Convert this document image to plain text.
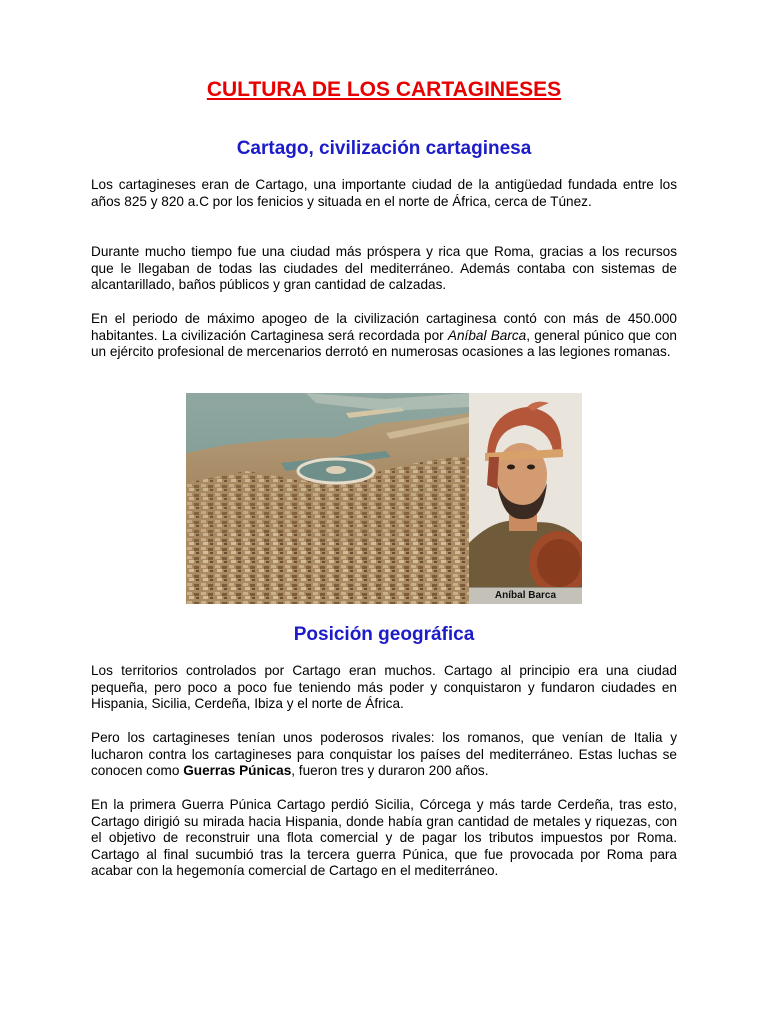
CULTURA DE LOS CARTAGINESES
Cartago, civilización cartaginesa

Los cartagineses eran de Cartago, una importante ciudad de la antigüedad fundada entre los años 825 y 820 a.C por los fenicios y situada en el norte de África, cerca de Túnez.

Durante mucho tiempo fue una ciudad más próspera y rica que Roma, gracias a los recursos que le llegaban de todas las ciudades del mediterráneo. Además contaba con sistemas de alcantarillado, baños públicos y gran cantidad de calzadas.

En el periodo de máximo apogeo de la civilización cartaginesa contó con más de 450.000 habitantes. La civilización Cartaginesa será recordada por Aníbal Barca, general púnico que con un ejército profesional de mercenarios derrotó en numerosas ocasiones a las legiones romanas.

Aníbal Barca
Posición geográfica

Los territorios controlados por Cartago eran muchos. Cartago al principio era una ciudad pequeña, pero poco a poco fue teniendo más poder y conquistaron y fundaron ciudades en Hispania, Sicilia, Cerdeña, Ibiza y el norte de África.

Pero los cartagineses tenían unos poderosos rivales: los romanos, que venían de Italia y lucharon contra los cartagineses para conquistar los países del mediterráneo. Estas luchas se conocen como Guerras Púnicas, fueron tres y duraron 200 años.

En la primera Guerra Púnica Cartago perdió Sicilia, Córcega y más tarde Cerdeña, tras esto, Cartago dirigió su mirada hacia Hispania, donde había gran cantidad de metales y riquezas, con el objetivo de reconstruir una flota comercial y de pagar los tributos impuestos por Roma. Cartago al final sucumbió tras la tercera guerra Púnica, que fue provocada por Roma para acabar con la hegemonía comercial de Cartago en el mediterráneo.
